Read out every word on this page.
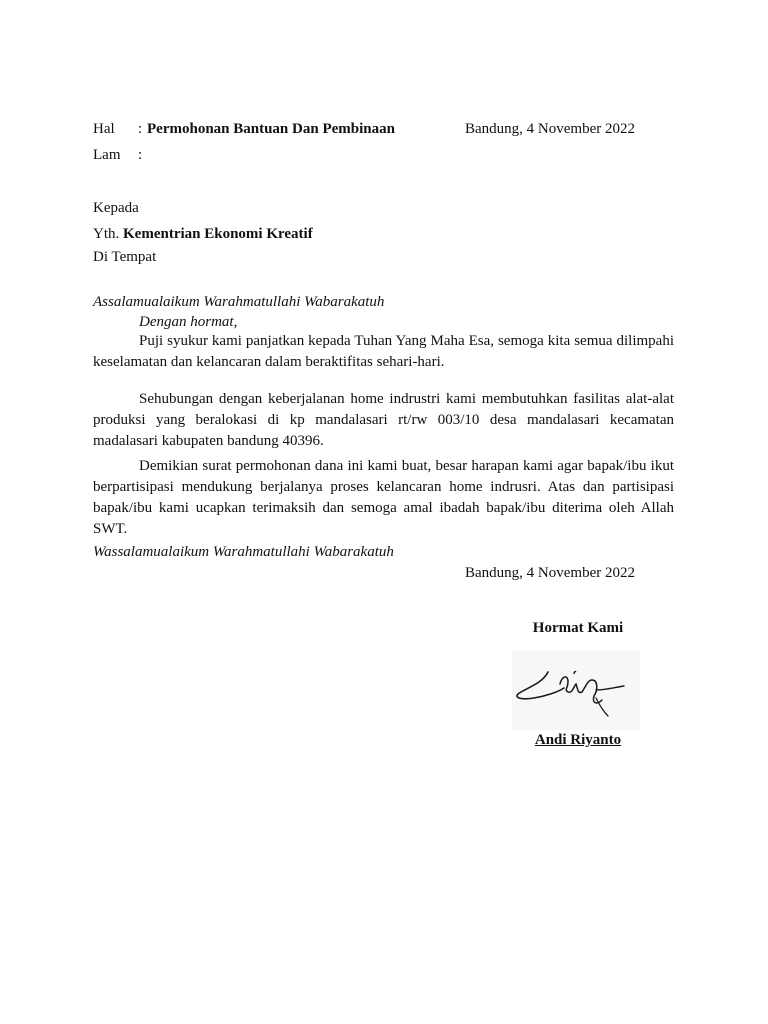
Hal : Permohonan Bantuan Dan Pembinaan	Bandung, 4 November 2022
Lam :
Kepada
Yth. Kementrian Ekonomi Kreatif
Di Tempat
Assalamualaikum Warahmatullahi Wabarakatuh
Dengan hormat,
Puji syukur kami panjatkan kepada Tuhan Yang Maha Esa, semoga kita semua dilimpahi keselamatan dan kelancaran dalam beraktifitas sehari-hari.
Sehubungan dengan keberjalanan home indrustri kami membutuhkan fasilitas alat-alat produksi yang beralokasi di kp mandalasari rt/rw 003/10 desa mandalasari kecamatan madalasari kabupaten bandung 40396.
Demikian surat permohonan dana ini kami buat, besar harapan kami agar bapak/ibu ikut berpartisipasi mendukung berjalanya proses kelancaran home indrusri. Atas dan partisipasi bapak/ibu kami ucapkan terimaksih dan semoga amal ibadah bapak/ibu diterima oleh Allah SWT.
Wassalamualaikum Warahmatullahi Wabarakatuh
Bandung, 4 November 2022
Hormat Kami
Andi Riyanto
